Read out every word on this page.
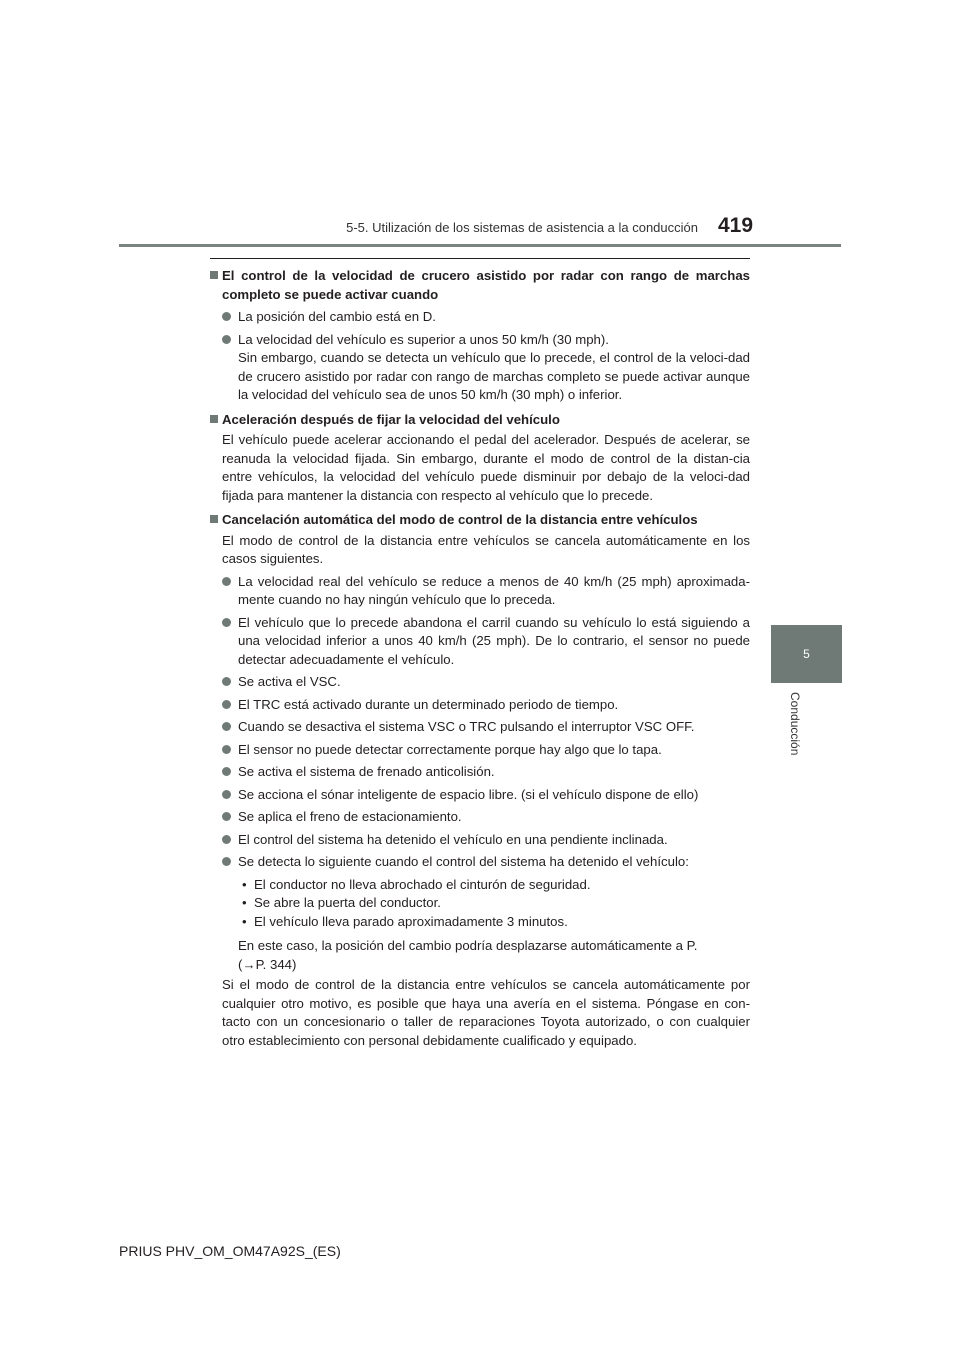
5-5. Utilización de los sistemas de asistencia a la conducción 419
5
Conducción
El control de la velocidad de crucero asistido por radar con rango de marchas completo se puede activar cuando

La posición del cambio está en D.

La velocidad del vehículo es superior a unos 50 km/h (30 mph).

Sin embargo, cuando se detecta un vehículo que lo precede, el control de la veloci-dad de crucero asistido por radar con rango de marchas completo se puede activar aunque la velocidad del vehículo sea de unos 50 km/h (30 mph) o inferior.

Aceleración después de fijar la velocidad del vehículo
El vehículo puede acelerar accionando el pedal del acelerador. Después de acelerar, se reanuda la velocidad fijada. Sin embargo, durante el modo de control de la distan-cia entre vehículos, la velocidad del vehículo puede disminuir por debajo de la veloci-dad fijada para mantener la distancia con respecto al vehículo que lo precede.
Cancelación automática del modo de control de la distancia entre vehículos
El modo de control de la distancia entre vehículos se cancela automáticamente en los casos siguientes.

La velocidad real del vehículo se reduce a menos de 40 km/h (25 mph) aproximada-mente cuando no hay ningún vehículo que lo preceda.

El vehículo que lo precede abandona el carril cuando su vehículo lo está siguiendo a una velocidad inferior a unos 40 km/h (25 mph). De lo contrario, el sensor no puede detectar adecuadamente el vehículo.

Se activa el VSC.

El TRC está activado durante un determinado periodo de tiempo.

Cuando se desactiva el sistema VSC o TRC pulsando el interruptor VSC OFF.

El sensor no puede detectar correctamente porque hay algo que lo tapa.

Se activa el sistema de frenado anticolisión.

Se acciona el sónar inteligente de espacio libre. (si el vehículo dispone de ello)

Se aplica el freno de estacionamiento.

El control del sistema ha detenido el vehículo en una pendiente inclinada.

Se detecta lo siguiente cuando el control del sistema ha detenido el vehículo:

• El conductor no lleva abrochado el cinturón de seguridad.
• Se abre la puerta del conductor.
• El vehículo lleva parado aproximadamente 3 minutos.

En este caso, la posición del cambio podría desplazarse automáticamente a P.

(→P. 344)

Si el modo de control de la distancia entre vehículos se cancela automáticamente por cualquier otro motivo, es posible que haya una avería en el sistema. Póngase en con-tacto con un concesionario o taller de reparaciones Toyota autorizado, o con cualquier otro establecimiento con personal debidamente cualificado y equipado.
PRIUS PHV_OM_OM47A92S_(ES)
